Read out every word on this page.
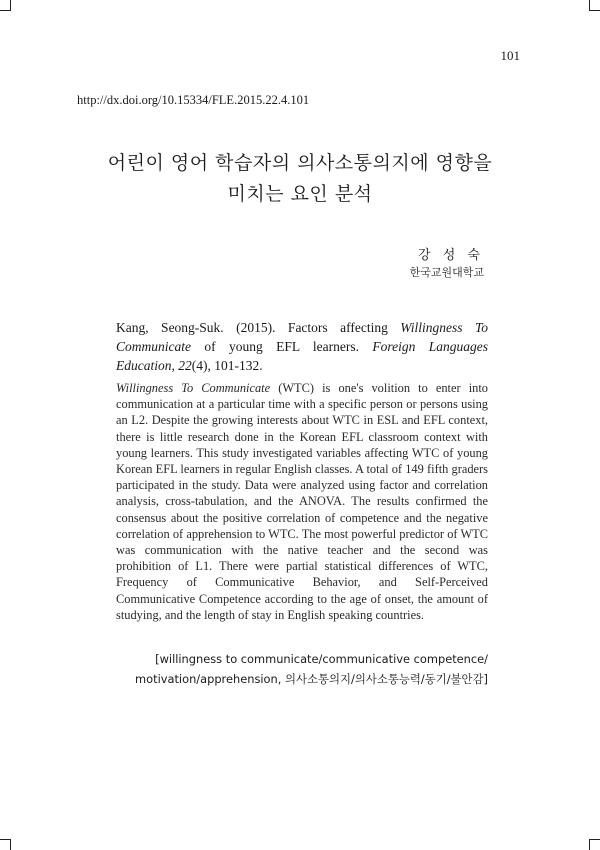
101
http://dx.doi.org/10.15334/FLE.2015.22.4.101
어린이 영어 학습자의 의사소통의지에 영향을
미치는 요인 분석
강 성 숙
한국교원대학교
Kang, Seong-Suk. (2015). Factors affecting Willingness To Communicate of young EFL learners. Foreign Languages Education, 22(4), 101-132.
Willingness To Communicate (WTC) is one's volition to enter into communication at a particular time with a specific person or persons using an L2. Despite the growing interests about WTC in ESL and EFL context, there is little research done in the Korean EFL classroom context with young learners. This study investigated variables affecting WTC of young Korean EFL learners in regular English classes. A total of 149 fifth graders participated in the study. Data were analyzed using factor and correlation analysis, cross-tabulation, and the ANOVA. The results confirmed the consensus about the positive correlation of competence and the negative correlation of apprehension to WTC. The most powerful predictor of WTC was communication with the native teacher and the second was prohibition of L1. There were partial statistical differences of WTC, Frequency of Communicative Behavior, and Self-Perceived Communicative Competence according to the age of onset, the amount of studying, and the length of stay in English speaking countries.
[willingness to communicate/communicative competence/
motivation/apprehension, 의사소통의지/의사소통능력/동기/불안감]
